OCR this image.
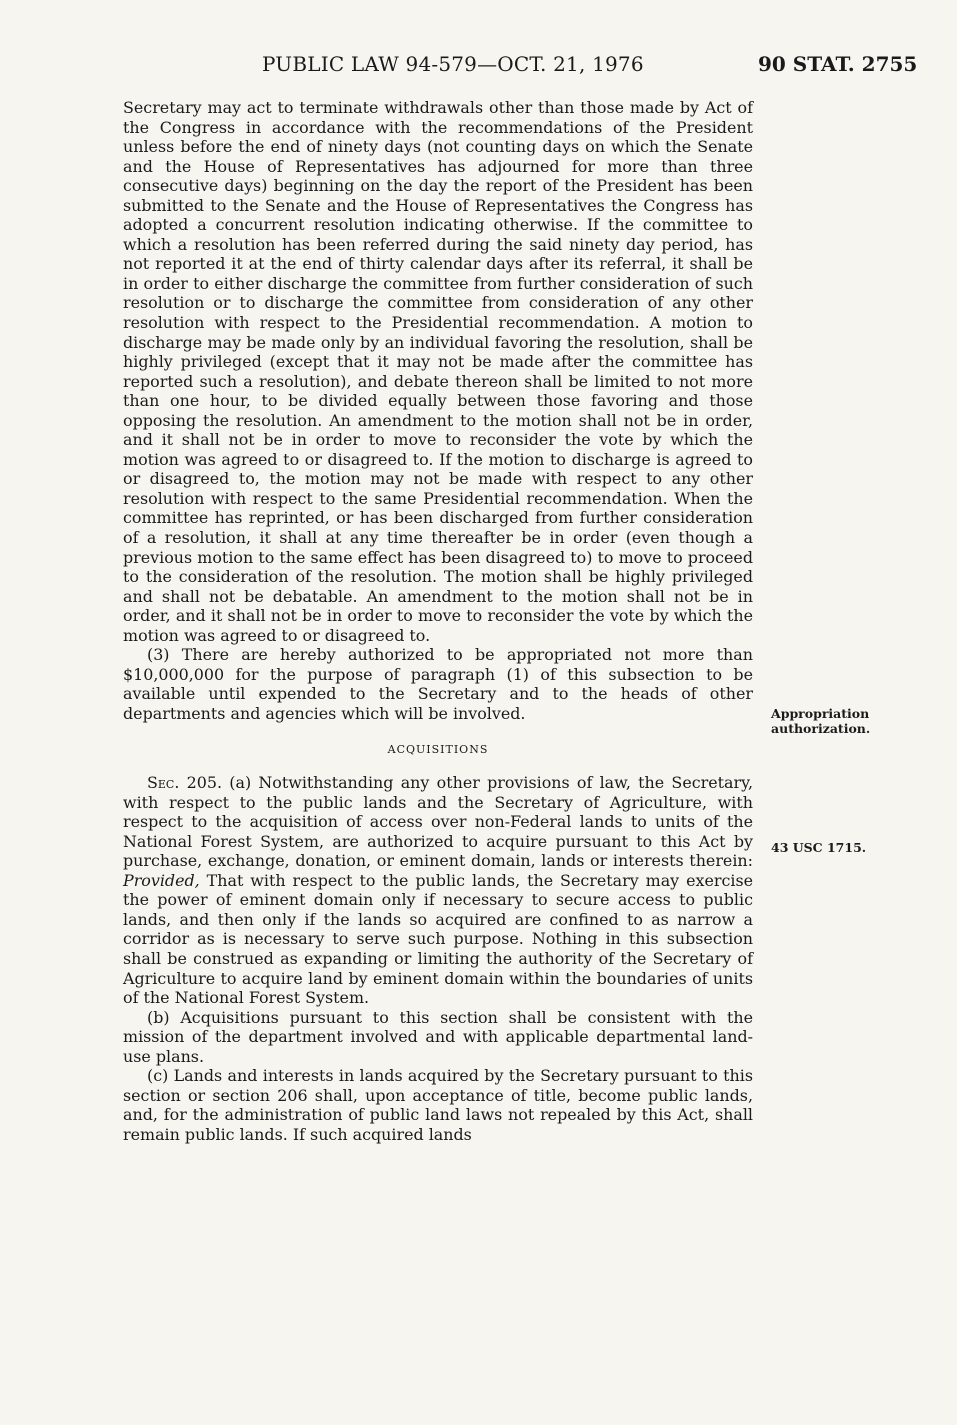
PUBLIC LAW 94-579—OCT. 21, 1976	90 STAT. 2755

Secretary may act to terminate withdrawals other than those made by Act of the Congress in accordance with the recommendations of the President unless before the end of ninety days (not counting days on which the Senate and the House of Representatives has adjourned for more than three consecutive days) beginning on the day the report of the President has been submitted to the Senate and the House of Representatives the Congress has adopted a concurrent resolution indicating otherwise. If the committee to which a resolution has been referred during the said ninety day period, has not reported it at the end of thirty calendar days after its referral, it shall be in order to either discharge the committee from further consideration of such resolution or to discharge the committee from consideration of any other resolution with respect to the Presidential recommendation. A motion to discharge may be made only by an individual favoring the resolution, shall be highly privileged (except that it may not be made after the committee has reported such a resolution), and debate thereon shall be limited to not more than one hour, to be divided equally between those favoring and those opposing the resolution. An amendment to the motion shall not be in order, and it shall not be in order to move to reconsider the vote by which the motion was agreed to or disagreed to. If the motion to discharge is agreed to or disagreed to, the motion may not be made with respect to any other resolution with respect to the same Presidential recommendation. When the committee has reprinted, or has been discharged from further consideration of a resolution, it shall at any time thereafter be in order (even though a previous motion to the same effect has been disagreed to) to move to proceed to the consideration of the resolution. The motion shall be highly privileged and shall not be debatable. An amendment to the motion shall not be in order, and it shall not be in order to move to reconsider the vote by which the motion was agreed to or disagreed to.

(3) There are hereby authorized to be appropriated not more than $10,000,000 for the purpose of paragraph (1) of this subsection to be available until expended to the Secretary and to the heads of other departments and agencies which will be involved.

ACQUISITIONS

Sec. 205. (a) Notwithstanding any other provisions of law, the Secretary, with respect to the public lands and the Secretary of Agriculture, with respect to the acquisition of access over non-Federal lands to units of the National Forest System, are authorized to acquire pursuant to this Act by purchase, exchange, donation, or eminent domain, lands or interests therein: Provided, That with respect to the public lands, the Secretary may exercise the power of eminent domain only if necessary to secure access to public lands, and then only if the lands so acquired are confined to as narrow a corridor as is necessary to serve such purpose. Nothing in this subsection shall be construed as expanding or limiting the authority of the Secretary of Agriculture to acquire land by eminent domain within the boundaries of units of the National Forest System.

(b) Acquisitions pursuant to this section shall be consistent with the mission of the department involved and with applicable departmental land-use plans.

(c) Lands and interests in lands acquired by the Secretary pursuant to this section or section 206 shall, upon acceptance of title, become public lands, and, for the administration of public land laws not repealed by this Act, shall remain public lands. If such acquired lands

Appropriation
authorization.
43 USC 1715.
